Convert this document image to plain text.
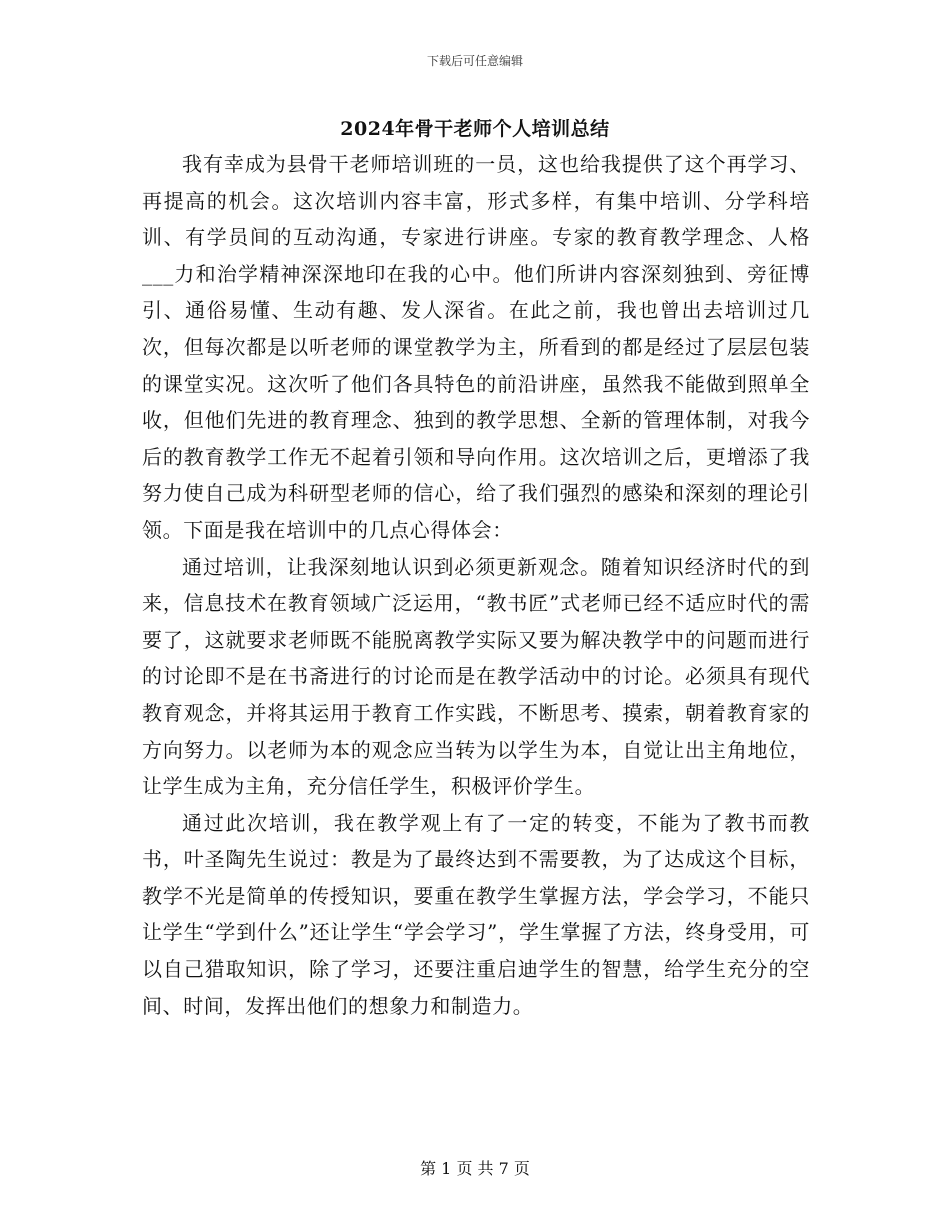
下载后可任意编辑
2024年骨干老师个人培训总结

我有幸成为县骨干老师培训班的一员，这也给我提供了这个再学习、再提高的机会。这次培训内容丰富，形式多样，有集中培训、分学科培训、有学员间的互动沟通，专家进行讲座。专家的教育教学理念、人格___力和治学精神深深地印在我的心中。他们所讲内容深刻独到、旁征博引、通俗易懂、生动有趣、发人深省。在此之前，我也曾出去培训过几次，但每次都是以听老师的课堂教学为主，所看到的都是经过了层层包装的课堂实况。这次听了他们各具特色的前沿讲座，虽然我不能做到照单全收，但他们先进的教育理念、独到的教学思想、全新的管理体制，对我今后的教育教学工作无不起着引领和导向作用。这次培训之后，更增添了我努力使自己成为科研型老师的信心，给了我们强烈的感染和深刻的理论引领。下面是我在培训中的几点心得体会：

通过培训，让我深刻地认识到必须更新观念。随着知识经济时代的到来，信息技术在教育领域广泛运用，“教书匠”式老师已经不适应时代的需要了，这就要求老师既不能脱离教学实际又要为解决教学中的问题而进行的讨论即不是在书斋进行的讨论而是在教学活动中的讨论。必须具有现代教育观念，并将其运用于教育工作实践，不断思考、摸索，朝着教育家的方向努力。以老师为本的观念应当转为以学生为本，自觉让出主角地位，让学生成为主角，充分信任学生，积极评价学生。

通过此次培训，我在教学观上有了一定的转变，不能为了教书而教书，叶圣陶先生说过：教是为了最终达到不需要教，为了达成这个目标，教学不光是简单的传授知识，要重在教学生掌握方法，学会学习，不能只让学生“学到什么”还让学生“学会学习”，学生掌握了方法，终身受用，可以自己猎取知识，除了学习，还要注重启迪学生的智慧，给学生充分的空间、时间，发挥出他们的想象力和制造力。

第 1 页 共 7 页
